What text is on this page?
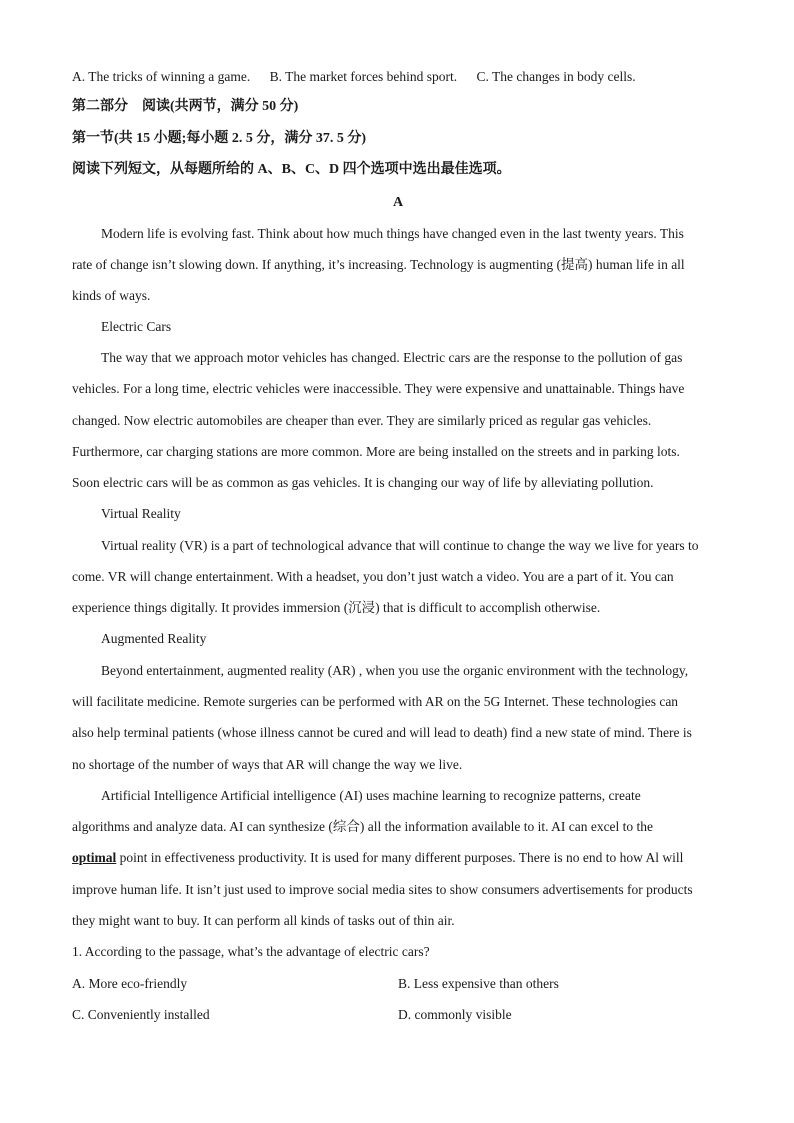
A. The tricks of winning a game. B. The market forces behind sport. C. The changes in body cells.
第二部分　阅读(共两节，满分 50 分)
第一节(共 15 小题;每小题 2. 5 分，满分 37. 5 分)
阅读下列短文，从每题所给的 A、B、C、D 四个选项中选出最佳选项。
A
Modern life is evolving fast. Think about how much things have changed even in the last twenty years. This
rate of change isn’t slowing down. If anything, it’s increasing. Technology is augmenting (提高) human life in all
kinds of ways.
Electric Cars
The way that we approach motor vehicles has changed. Electric cars are the response to the pollution of gas
vehicles. For a long time, electric vehicles were inaccessible. They were expensive and unattainable. Things have
changed. Now electric automobiles are cheaper than ever. They are similarly priced as regular gas vehicles.
Furthermore, car charging stations are more common. More are being installed on the streets and in parking lots.
Soon electric cars will be as common as gas vehicles. It is changing our way of life by alleviating pollution.
Virtual Reality
Virtual reality (VR) is a part of technological advance that will continue to change the way we live for years to
come. VR will change entertainment. With a headset, you don’t just watch a video. You are a part of it. You can
experience things digitally. It provides immersion (沉浸) that is difficult to accomplish otherwise.
Augmented Reality
Beyond entertainment, augmented reality (AR) , when you use the organic environment with the technology,
will facilitate medicine. Remote surgeries can be performed with AR on the 5G Internet. These technologies can
also help terminal patients (whose illness cannot be cured and will lead to death) find a new state of mind. There is
no shortage of the number of ways that AR will change the way we live.
Artificial Intelligence Artificial intelligence (AI) uses machine learning to recognize patterns, create
algorithms and analyze data. AI can synthesize (综合) all the information available to it. AI can excel to the
optimal point in effectiveness productivity. It is used for many different purposes. There is no end to how Al will
improve human life. It isn’t just used to improve social media sites to show consumers advertisements for products
they might want to buy. It can perform all kinds of tasks out of thin air.
1. According to the passage, what’s the advantage of electric cars?
A. More eco-friendly	B. Less expensive than others
C. Conveniently installed	D. commonly visible
